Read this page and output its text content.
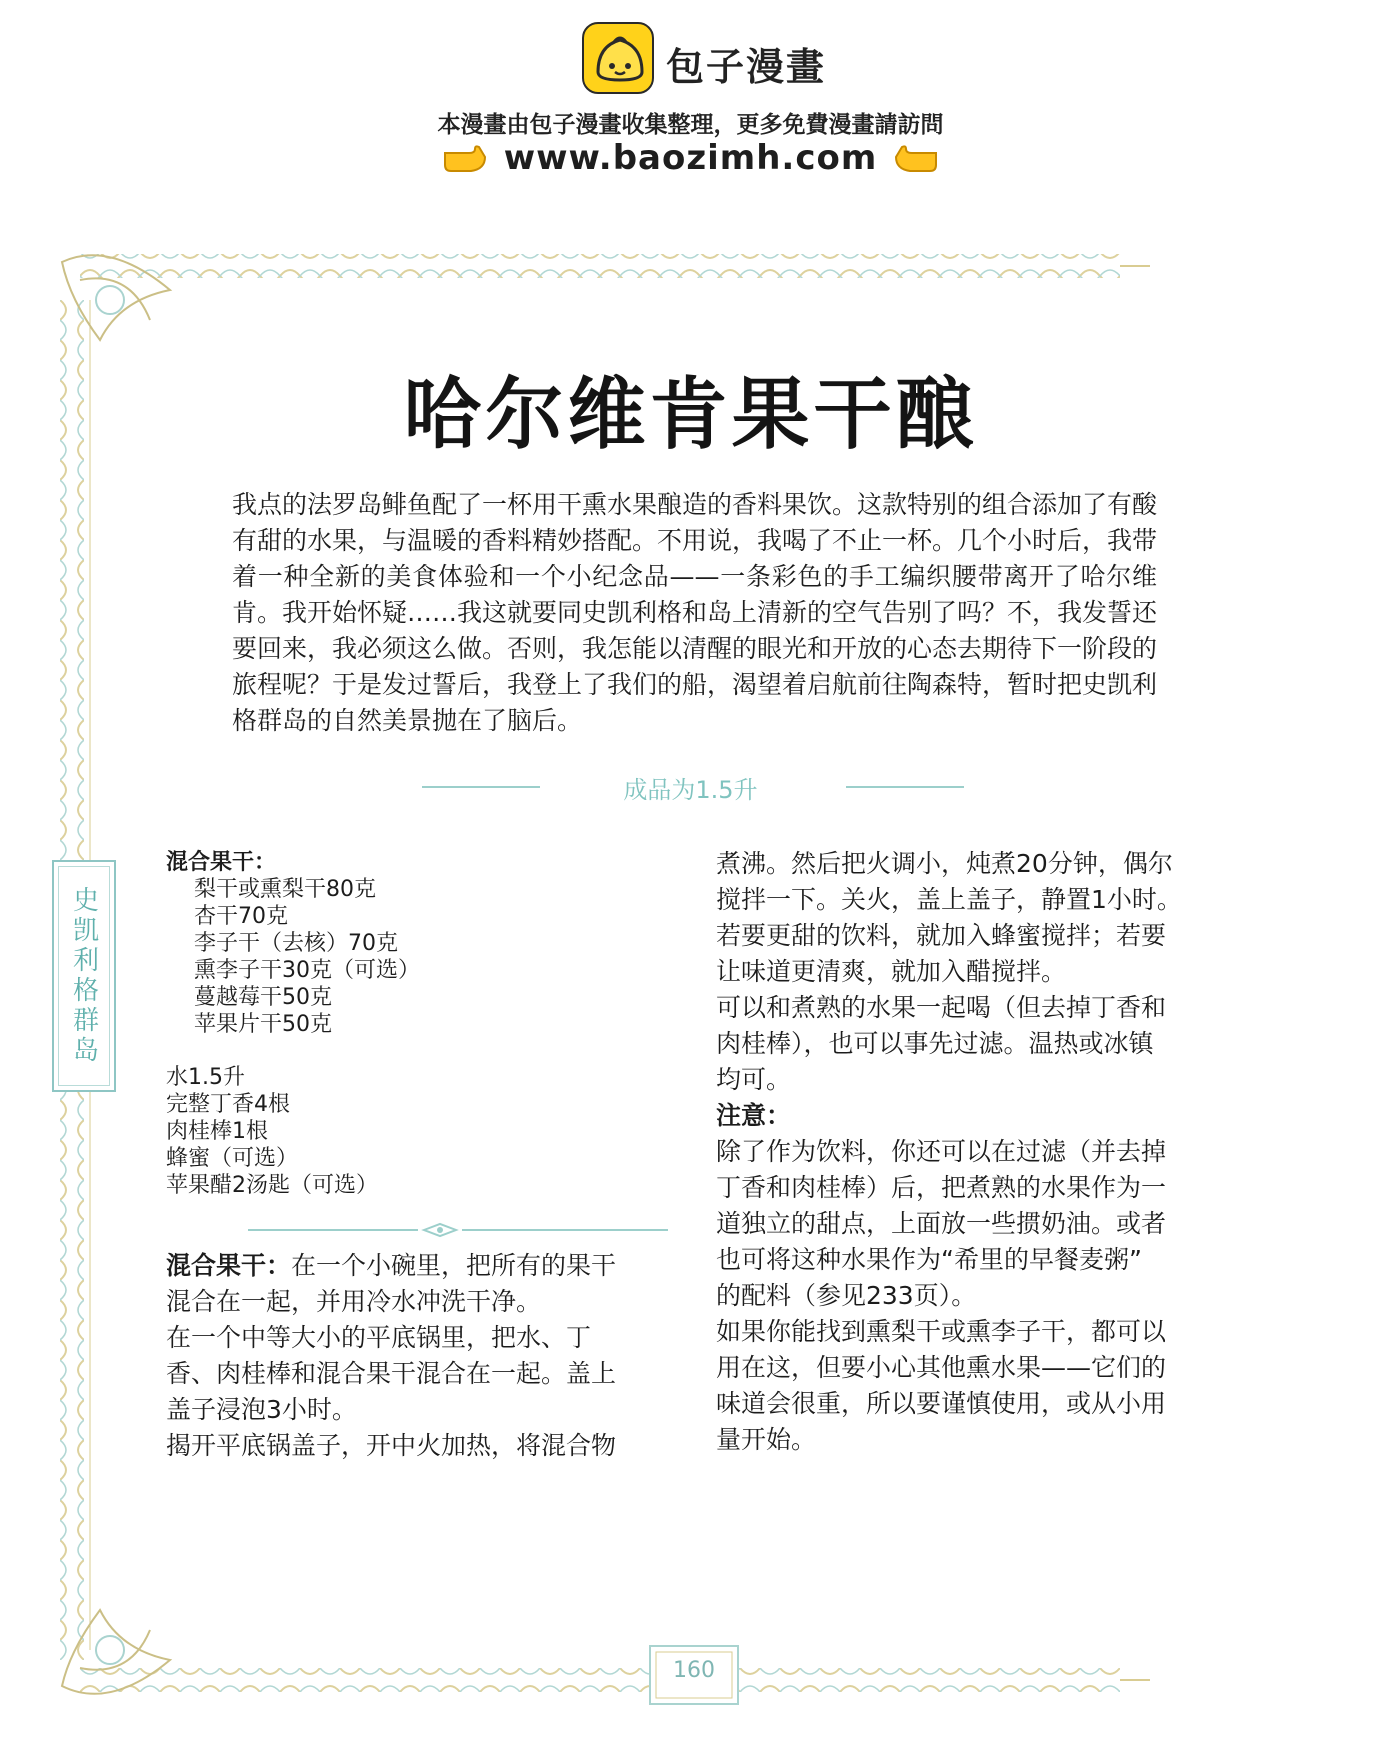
包子漫畫
本漫畫由包子漫畫收集整理，更多免費漫畫請訪問
www.baozimh.com
史凯利格群岛
哈尔维肯果干酿
我点的法罗岛鲱鱼配了一杯用干熏水果酿造的香料果饮。这款特别的组合添加了有酸有甜的水果，与温暖的香料精妙搭配。不用说，我喝了不止一杯。几个小时后，我带着一种全新的美食体验和一个小纪念品——一条彩色的手工编织腰带离开了哈尔维肯。我开始怀疑……我这就要同史凯利格和岛上清新的空气告别了吗？不，我发誓还要回来，我必须这么做。否则，我怎能以清醒的眼光和开放的心态去期待下一阶段的旅程呢？于是发过誓后，我登上了我们的船，渴望着启航前往陶森特，暂时把史凯利格群岛的自然美景抛在了脑后。
成品为1.5升
混合果干：
梨干或熏梨干80克
杏干70克
李子干（去核）70克
熏李子干30克（可选）
蔓越莓干50克
苹果片干50克
水1.5升
完整丁香4根
肉桂棒1根
蜂蜜（可选）
苹果醋2汤匙（可选）
混合果干：在一个小碗里，把所有的果干
混合在一起，并用冷水冲洗干净。
在一个中等大小的平底锅里，把水、丁
香、肉桂棒和混合果干混合在一起。盖上
盖子浸泡3小时。
揭开平底锅盖子，开中火加热，将混合物
煮沸。然后把火调小，炖煮20分钟，偶尔
搅拌一下。关火，盖上盖子，静置1小时。
若要更甜的饮料，就加入蜂蜜搅拌；若要
让味道更清爽，就加入醋搅拌。
可以和煮熟的水果一起喝（但去掉丁香和
肉桂棒），也可以事先过滤。温热或冰镇
均可。
注意：
除了作为饮料，你还可以在过滤（并去掉
丁香和肉桂棒）后，把煮熟的水果作为一
道独立的甜点，上面放一些掼奶油。或者
也可将这种水果作为“希里的早餐麦粥”
的配料（参见233页）。
如果你能找到熏梨干或熏李子干，都可以
用在这，但要小心其他熏水果——它们的
味道会很重，所以要谨慎使用，或从小用
量开始。
160
